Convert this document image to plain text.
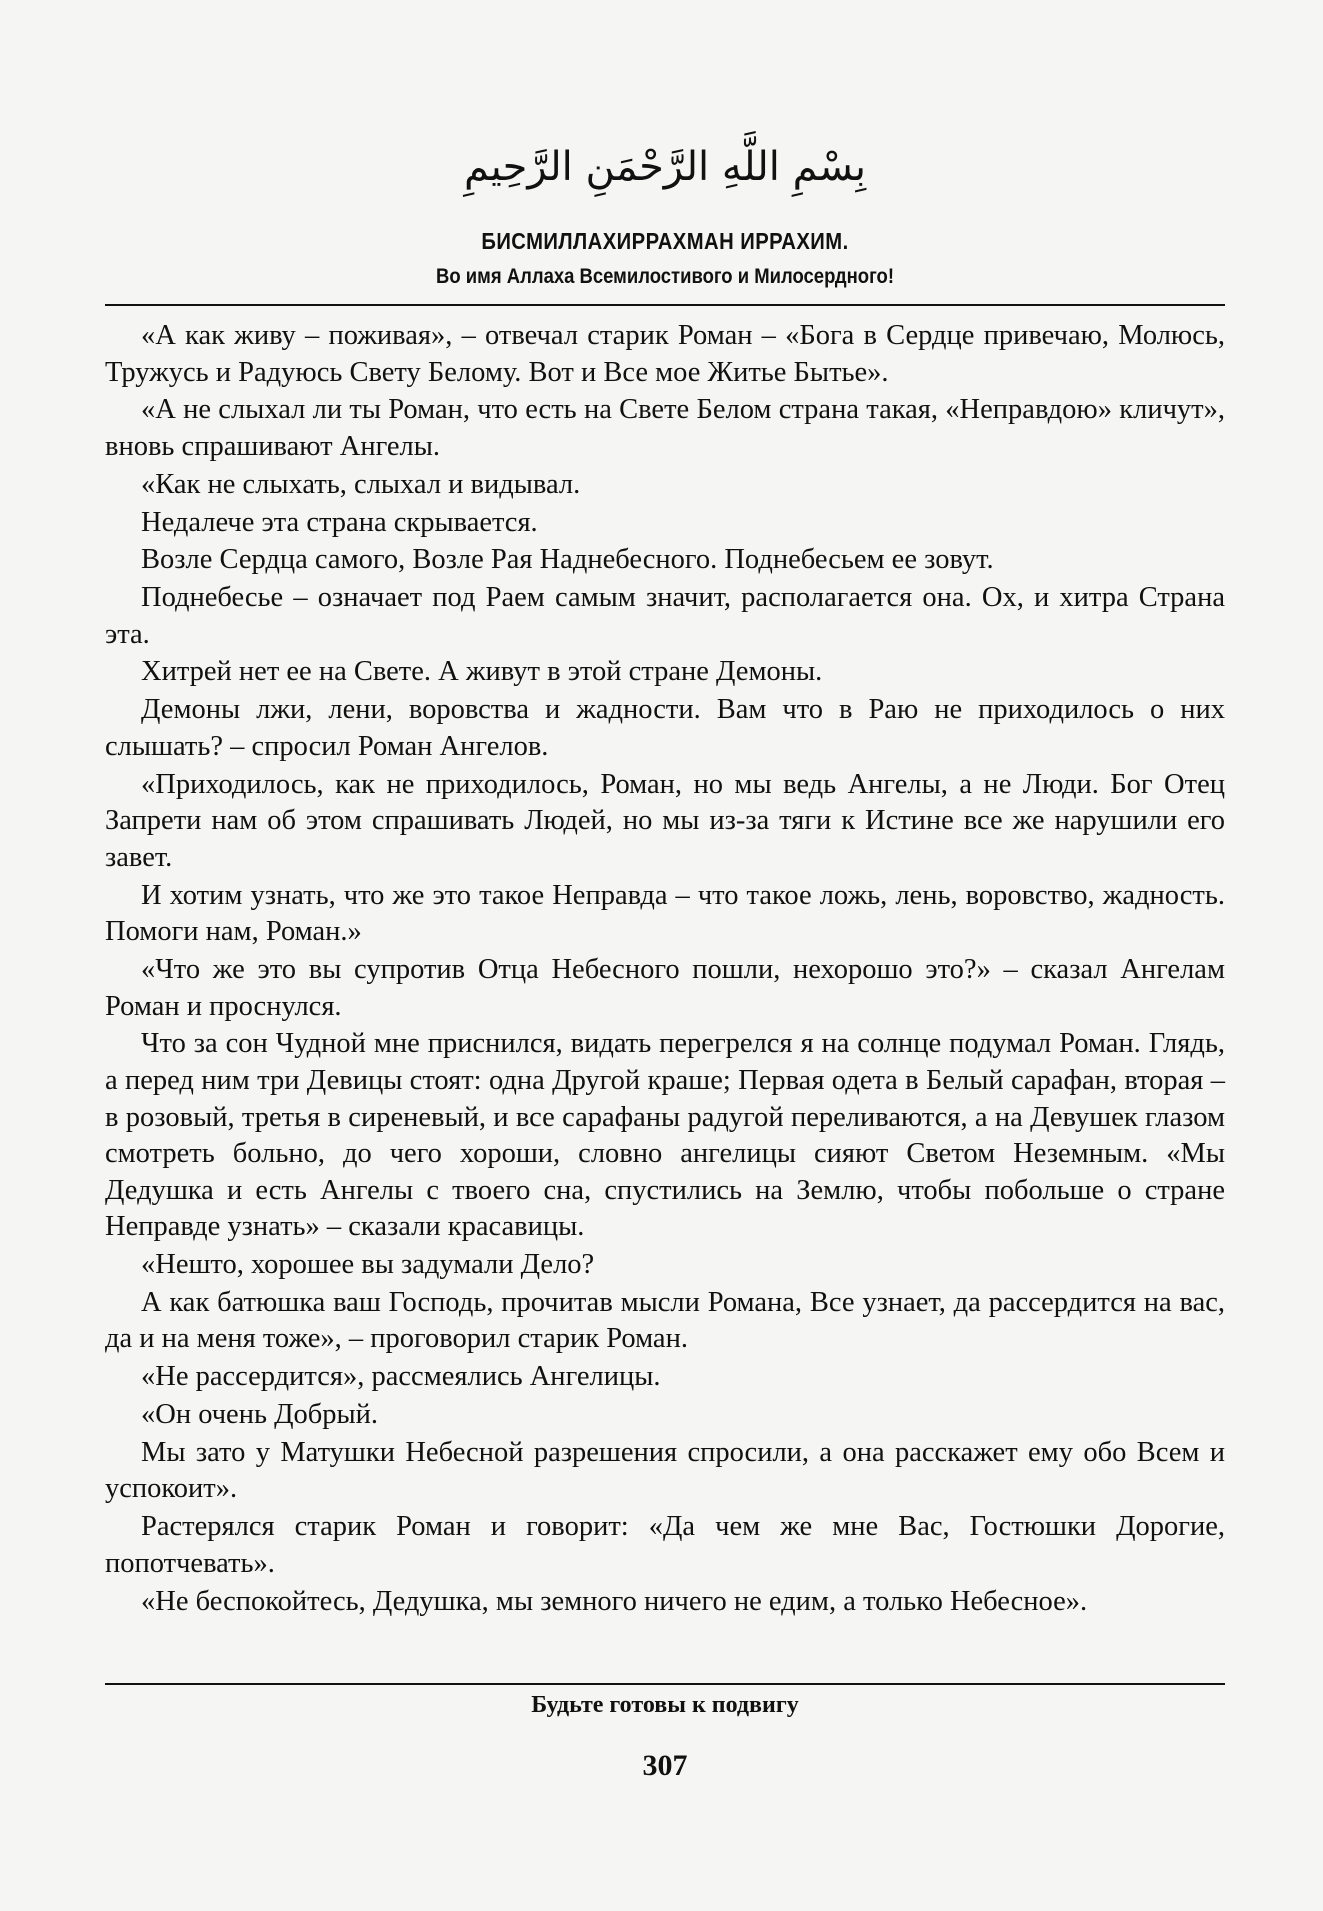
بِسْمِ اللَّهِ الرَّحْمَنِ الرَّحِيمِ
БИСМИЛЛАХИРРАХМАН ИРРАХИМ.
Во имя Аллаха Всемилостивого и Милосердного!

«А как живу – поживая», – отвечал старик Роман – «Бога в Сердце привечаю, Молюсь, Тружусь и Радуюсь Свету Белому. Вот и Все мое Житье Бытье».

«А не слыхал ли ты Роман, что есть на Свете Белом страна такая, «Неправдою» кличут», вновь спрашивают Ангелы.

«Как не слыхать, слыхал и видывал.

Недалече эта страна скрывается.

Возле Сердца самого, Возле Рая Наднебесного. Поднебесьем ее зовут.

Поднебесье – означает под Раем самым значит, располагается она. Ох, и хитра Страна эта.

Хитрей нет ее на Свете. А живут в этой стране Демоны.

Демоны лжи, лени, воровства и жадности. Вам что в Раю не приходилось о них слышать? – спросил Роман Ангелов.

«Приходилось, как не приходилось, Роман, но мы ведь Ангелы, а не Люди. Бог Отец Запрети нам об этом спрашивать Людей, но мы из-за тяги к Истине все же нарушили его завет.

И хотим узнать, что же это такое Неправда – что такое ложь, лень, воровство, жадность. Помоги нам, Роман.»

«Что же это вы супротив Отца Небесного пошли, нехорошо это?» – сказал Ангелам Роман и проснулся.

Что за сон Чудной мне приснился, видать перегрелся я на солнце подумал Роман. Глядь, а перед ним три Девицы стоят: одна Другой краше; Первая одета в Белый сарафан, вторая – в розовый, третья в сиреневый, и все сарафаны радугой переливаются, а на Девушек глазом смотреть больно, до чего хороши, словно ангелицы сияют Светом Неземным. «Мы Дедушка и есть Ангелы с твоего сна, спустились на Землю, чтобы побольше о стране Неправде узнать» – сказали красавицы.

«Нешто, хорошее вы задумали Дело?

А как батюшка ваш Господь, прочитав мысли Романа, Все узнает, да рассердится на вас, да и на меня тоже», – проговорил старик Роман.

«Не рассердится», рассмеялись Ангелицы.

«Он очень Добрый.

Мы зато у Матушки Небесной разрешения спросили, а она расскажет ему обо Всем и успокоит».

Растерялся старик Роман и говорит: «Да чем же мне Вас, Гостюшки Дорогие, попотчевать».

«Не беспокойтесь, Дедушка, мы земного ничего не едим, а только Небесное».

Будьте готовы к подвигу
307
